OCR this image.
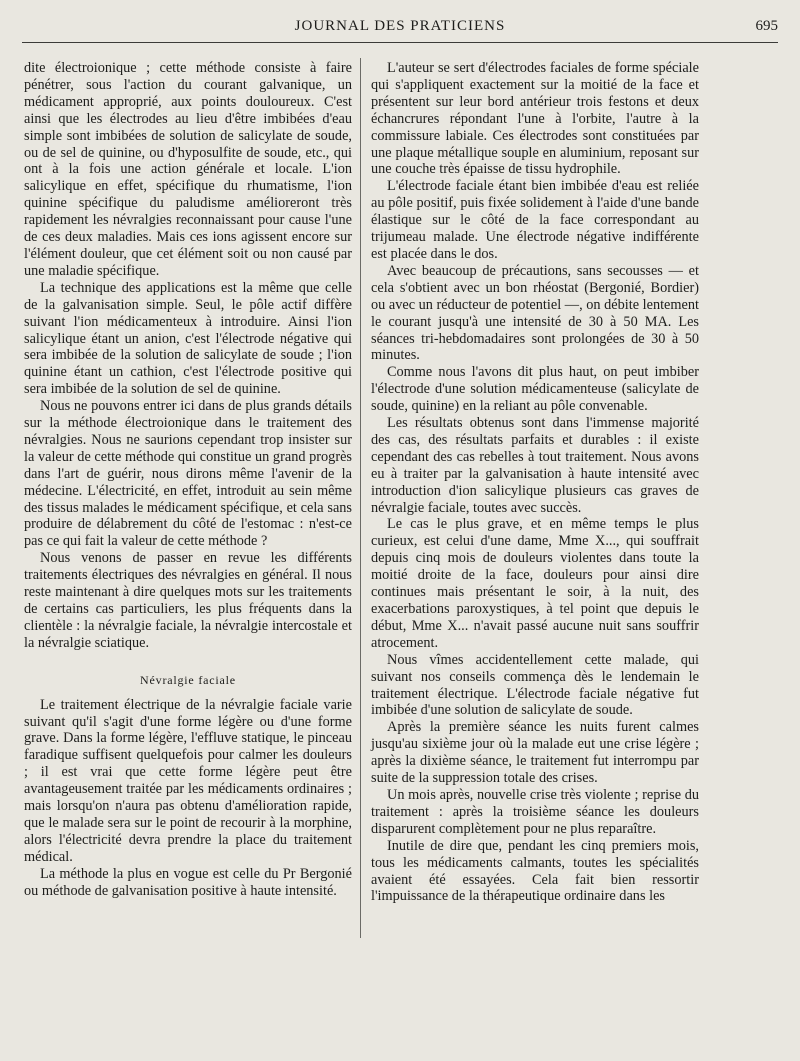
JOURNAL DES PRATICIENS	695

dite électroionique ; cette méthode consiste à faire pénétrer, sous l'action du courant galvanique, un médicament approprié, aux points douloureux. C'est ainsi que les électrodes au lieu d'être imbibées d'eau simple sont imbibées de solution de salicylate de soude, ou de sel de quinine, ou d'hyposulfite de soude, etc., qui ont à la fois une action générale et locale. L'ion salicylique en effet, spécifique du rhumatisme, l'ion quinine spécifique du paludisme amélioreront très rapidement les névralgies reconnaissant pour cause l'une de ces deux maladies. Mais ces ions agissent encore sur l'élément douleur, que cet élément soit ou non causé par une maladie spécifique.

La technique des applications est la même que celle de la galvanisation simple. Seul, le pôle actif diffère suivant l'ion médicamenteux à introduire. Ainsi l'ion salicylique étant un anion, c'est l'électrode négative qui sera imbibée de la solution de salicylate de soude ; l'ion quinine étant un cathion, c'est l'électrode positive qui sera imbibée de la solution de sel de quinine.

Nous ne pouvons entrer ici dans de plus grands détails sur la méthode électroionique dans le traitement des névralgies. Nous ne saurions cependant trop insister sur la valeur de cette méthode qui constitue un grand progrès dans l'art de guérir, nous dirons même l'avenir de la médecine. L'électricité, en effet, introduit au sein même des tissus malades le médicament spécifique, et cela sans produire de délabrement du côté de l'estomac : n'est-ce pas ce qui fait la valeur de cette méthode ?

Nous venons de passer en revue les différents traitements électriques des névralgies en général. Il nous reste maintenant à dire quelques mots sur les traitements de certains cas particuliers, les plus fréquents dans la clientèle : la névralgie faciale, la névralgie intercostale et la névralgie sciatique.

Névralgie faciale

Le traitement électrique de la névralgie faciale varie suivant qu'il s'agit d'une forme légère ou d'une forme grave. Dans la forme légère, l'effluve statique, le pinceau faradique suffisent quelquefois pour calmer les douleurs ; il est vrai que cette forme légère peut être avantageusement traitée par les médicaments ordinaires ; mais lorsqu'on n'aura pas obtenu d'amélioration rapide, que le malade sera sur le point de recourir à la morphine, alors l'électricité devra prendre la place du traitement médical.

La méthode la plus en vogue est celle du Pr Bergonié ou méthode de galvanisation positive à haute intensité.

L'auteur se sert d'électrodes faciales de forme spéciale qui s'appliquent exactement sur la moitié de la face et présentent sur leur bord antérieur trois festons et deux échancrures répondant l'une à l'orbite, l'autre à la commissure labiale. Ces électrodes sont constituées par une plaque métallique souple en aluminium, reposant sur une couche très épaisse de tissu hydrophile.

L'électrode faciale étant bien imbibée d'eau est reliée au pôle positif, puis fixée solidement à l'aide d'une bande élastique sur le côté de la face correspondant au trijumeau malade. Une électrode négative indifférente est placée dans le dos.

Avec beaucoup de précautions, sans secousses — et cela s'obtient avec un bon rhéostat (Bergonié, Bordier) ou avec un réducteur de potentiel —, on débite lentement le courant jusqu'à une intensité de 30 à 50 MA. Les séances tri-hebdomadaires sont prolongées de 30 à 50 minutes.

Comme nous l'avons dit plus haut, on peut imbiber l'électrode d'une solution médicamenteuse (salicylate de soude, quinine) en la reliant au pôle convenable.

Les résultats obtenus sont dans l'immense majorité des cas, des résultats parfaits et durables : il existe cependant des cas rebelles à tout traitement. Nous avons eu à traiter par la galvanisation à haute intensité avec introduction d'ion salicylique plusieurs cas graves de névralgie faciale, toutes avec succès.

Le cas le plus grave, et en même temps le plus curieux, est celui d'une dame, Mme X..., qui souffrait depuis cinq mois de douleurs violentes dans toute la moitié droite de la face, douleurs pour ainsi dire continues mais présentant le soir, à la nuit, des exacerbations paroxystiques, à tel point que depuis le début, Mme X... n'avait passé aucune nuit sans souffrir atrocement.

Nous vîmes accidentellement cette malade, qui suivant nos conseils commença dès le lendemain le traitement électrique. L'électrode faciale négative fut imbibée d'une solution de salicylate de soude.

Après la première séance les nuits furent calmes jusqu'au sixième jour où la malade eut une crise légère ; après la dixième séance, le traitement fut interrompu par suite de la suppression totale des crises.

Un mois après, nouvelle crise très violente ; reprise du traitement : après la troisième séance les douleurs disparurent complètement pour ne plus reparaître.

Inutile de dire que, pendant les cinq premiers mois, tous les médicaments calmants, toutes les spécialités avaient été essayées. Cela fait bien ressortir l'impuissance de la thérapeutique ordinaire dans les
